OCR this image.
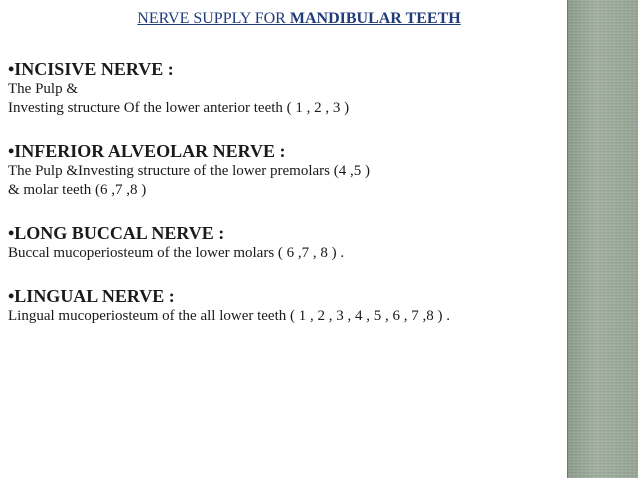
NERVE SUPPLY FOR MANDIBULAR TEETH
•INCISIVE NERVE :
The Pulp &
Investing structure Of the lower anterior teeth ( 1 , 2 , 3 )
•INFERIOR ALVEOLAR NERVE :
The Pulp &Investing structure of the lower premolars (4 ,5 )
& molar teeth (6 ,7 ,8 )
•LONG BUCCAL NERVE :
Buccal mucoperiosteum of the lower molars ( 6 ,7 , 8 ) .
•LINGUAL NERVE :
Lingual mucoperiosteum of the all lower teeth ( 1 , 2 , 3 , 4 , 5 , 6 , 7 ,8 ) .
